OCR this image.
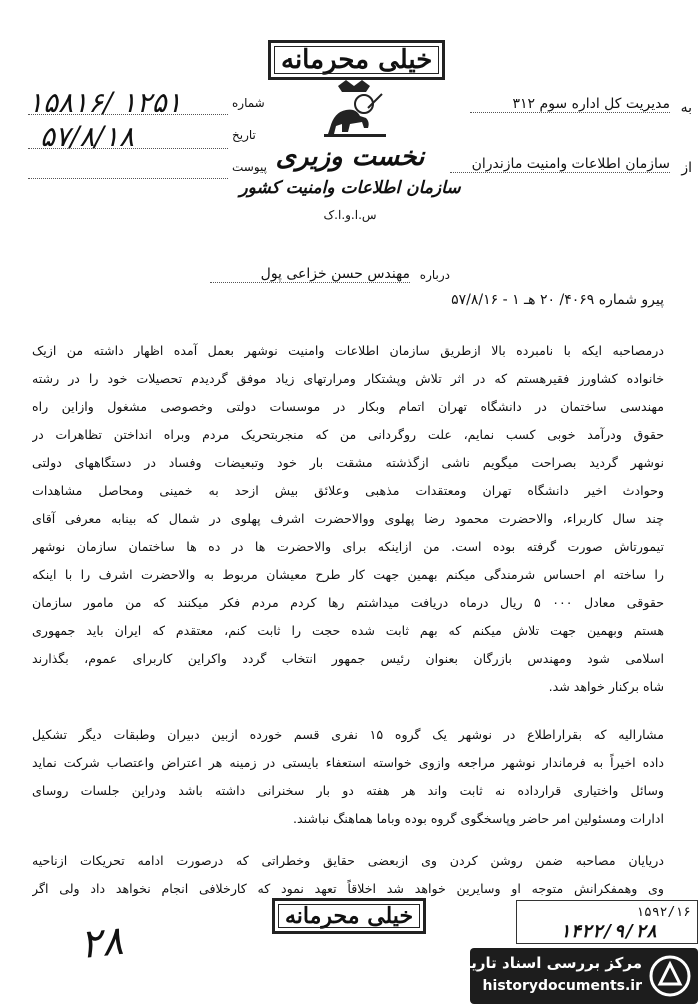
خیلی محرمانه
نخست وزیری
سازمان اطلاعات وامنیت کشور
س.ا.و.ا.ک
شماره
۱۵۸۱۶/ ۱۲۵۱
تاریخ
۵۷/۸/۱۸
پیوست
به
مدیریت کل اداره سوم ۳۱۲
از
سازمان اطلاعات وامنیت مازندران
درباره
مهندس حسن خزاعی پول
پیرو شماره ۴۰۶۹/ ۲۰ هـ ۱ - ۵۷/۸/۱۶
درمصاحبه ایکه با نامبرده بالا ازطریق سازمان اطلاعات وامنیت نوشهر بعمل آمده اظهار داشته من ازیک
خانواده کشاورز فقیرهستم که در اثر تلاش وپشتکار ومرارتهای زیاد موفق گردیدم تحصیلات خود را در رشته
مهندسی ساختمان در دانشگاه تهران اتمام وبکار در موسسات دولتی وخصوصی مشغول وازاین راه
حقوق ودرآمد خوبی کسب نمایم، علت روگردانی من که منجربتحریک مردم وبراه انداختن تظاهرات در
نوشهر گردید بصراحت میگویم ناشی ازگذشته مشقت بار خود وتبعیضات وفساد در دستگاههای دولتی
وحوادث اخیر دانشگاه تهران ومعتقدات مذهبی وعلائق بیش ازحد به خمینی ومحاصل مشاهدات
چند سال کاربراء، والاحضرت محمود رضا پهلوی ووالاحضرت اشرف پهلوی در شمال که بینابه معرفی آقای
تیمورتاش صورت گرفته بوده است. من ازاینکه برای والاحضرت ها در ده ها ساختمان سازمان نوشهر
را ساخته ام احساس شرمندگی میکنم بهمین جهت کار طرح معیشان مربوط به والاحضرت اشرف را با اینکه
حقوقی معادل ۰۰۰ ۵ ریال درماه دریافت میداشتم رها کردم مردم فکر میکنند که من مامور سازمان
هستم وبهمین جهت تلاش میکنم که بهم ثابت شده حجت را ثابت کنم، معتقدم که ایران باید جمهوری
اسلامی شود ومهندس بازرگان بعنوان رئیس جمهور انتخاب گردد واکراین کاربرای عموم، بگذارند
شاه برکنار خواهد شد.
مشارالیه که بقراراطلاع در نوشهر یک گروه ۱۵ نفری قسم خورده ازبین دبیران وطبقات دیگر تشکیل
داده اخیراً به فرماندار نوشهر مراجعه وازوی خواسته استعفاء بایستی در زمینه هر اعتراض واعتصاب شرکت نماید
وسائل واختیاری قرارداده نه ثابت واند هر هفته دو بار سخنرانی داشته باشد ودراین جلسات روسای
ادارات ومسئولین امر حاضر وپاسخگوی گروه بوده وباما هماهنگ نباشند.
دریایان مصاحبه ضمن روشن کردن وی ازبعضی حقایق وخطراتی که درصورت ادامه تحریکات ازناحیه
وی وهمفکرانش متوجه او وسایرین خواهد شد اخلاقاً تعهد نمود که کارخلافی انجام نخواهد داد ولی اگر
خیلی محرمانه
۲۸
۱۵۹۲/۱۶
۱۴۲۲/۹/۲۸
مرکز بررسی اسناد تاریخی
historydocuments.ir
